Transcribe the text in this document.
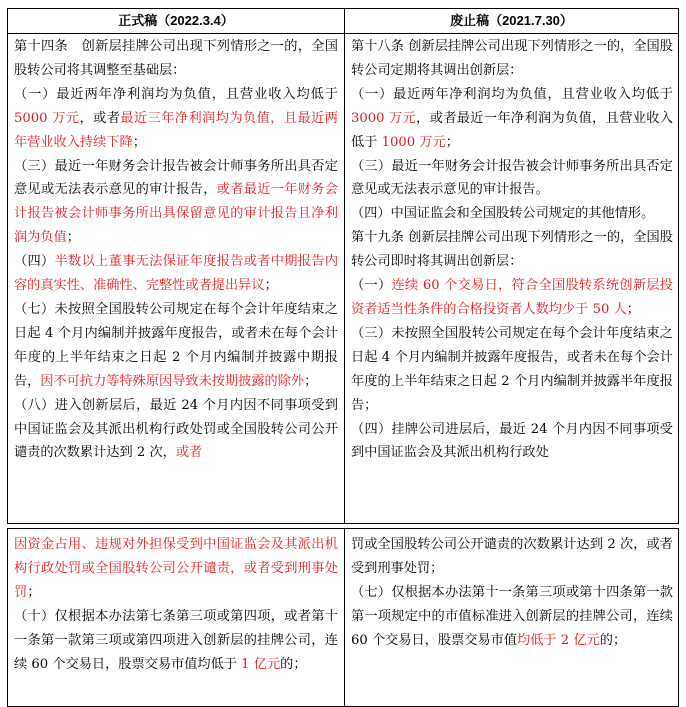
正式稿（2022.3.4）	废止稿（2021.7.30）

第十四条　创新层挂牌公司出现下列情形之一的，全国股转公司将其调整至基础层：

（一）最近两年净利润均为负值，且营业收入均低于 5000 万元，或者最近三年净利润均为负值，且最近两年营业收入持续下降；

（三）最近一年财务会计报告被会计师事务所出具否定意见或无法表示意见的审计报告，或者最近一年财务会计报告被会计师事务所出具保留意见的审计报告且净利润为负值；

（四）半数以上董事无法保证年度报告或者中期报告内容的真实性、准确性、完整性或者提出异议；

（七）未按照全国股转公司规定在每个会计年度结束之日起 4 个月内编制并披露年度报告，或者未在每个会计年度的上半年结束之日起 2 个月内编制并披露中期报告，因不可抗力等特殊原因导致未按期披露的除外；

（八）进入创新层后，最近 24 个月内因不同事项受到中国证监会及其派出机构行政处罚或全国股转公司公开谴责的次数累计达到 2 次，或者

第十八条 创新层挂牌公司出现下列情形之一的，全国股转公司定期将其调出创新层：

（一）最近两年净利润均为负值，且营业收入均低于 3000 万元，或者最近一年净利润为负值，且营业收入低于 1000 万元；

（三）最近一年财务会计报告被会计师事务所出具否定意见或无法表示意见的审计报告。

（四）中国证监会和全国股转公司规定的其他情形。

第十九条 创新层挂牌公司出现下列情形之一的，全国股转公司即时将其调出创新层：

（一）连续 60 个交易日，符合全国股转系统创新层投资者适当性条件的合格投资者人数均少于 50 人；

（三）未按照全国股转公司规定在每个会计年度结束之日起 4 个月内编制并披露年度报告，或者未在每个会计年度的上半年结束之日起 2 个月内编制并披露半年度报告；

（四）挂牌公司进层后，最近 24 个月内因不同事项受到中国证监会及其派出机构行政处

因资金占用、违规对外担保受到中国证监会及其派出机构行政处罚或全国股转公司公开谴责，或者受到刑事处罚；

（十）仅根据本办法第七条第三项或第四项，或者第十一条第一款第三项或第四项进入创新层的挂牌公司，连续 60 个交易日，股票交易市值均低于 1 亿元的；

罚或全国股转公司公开谴责的次数累计达到 2 次，或者受到刑事处罚；

（七）仅根据本办法第十一条第三项或第十四条第一款第一项规定中的市值标准进入创新层的挂牌公司，连续 60 个交易日，股票交易市值均低于 2 亿元的；
